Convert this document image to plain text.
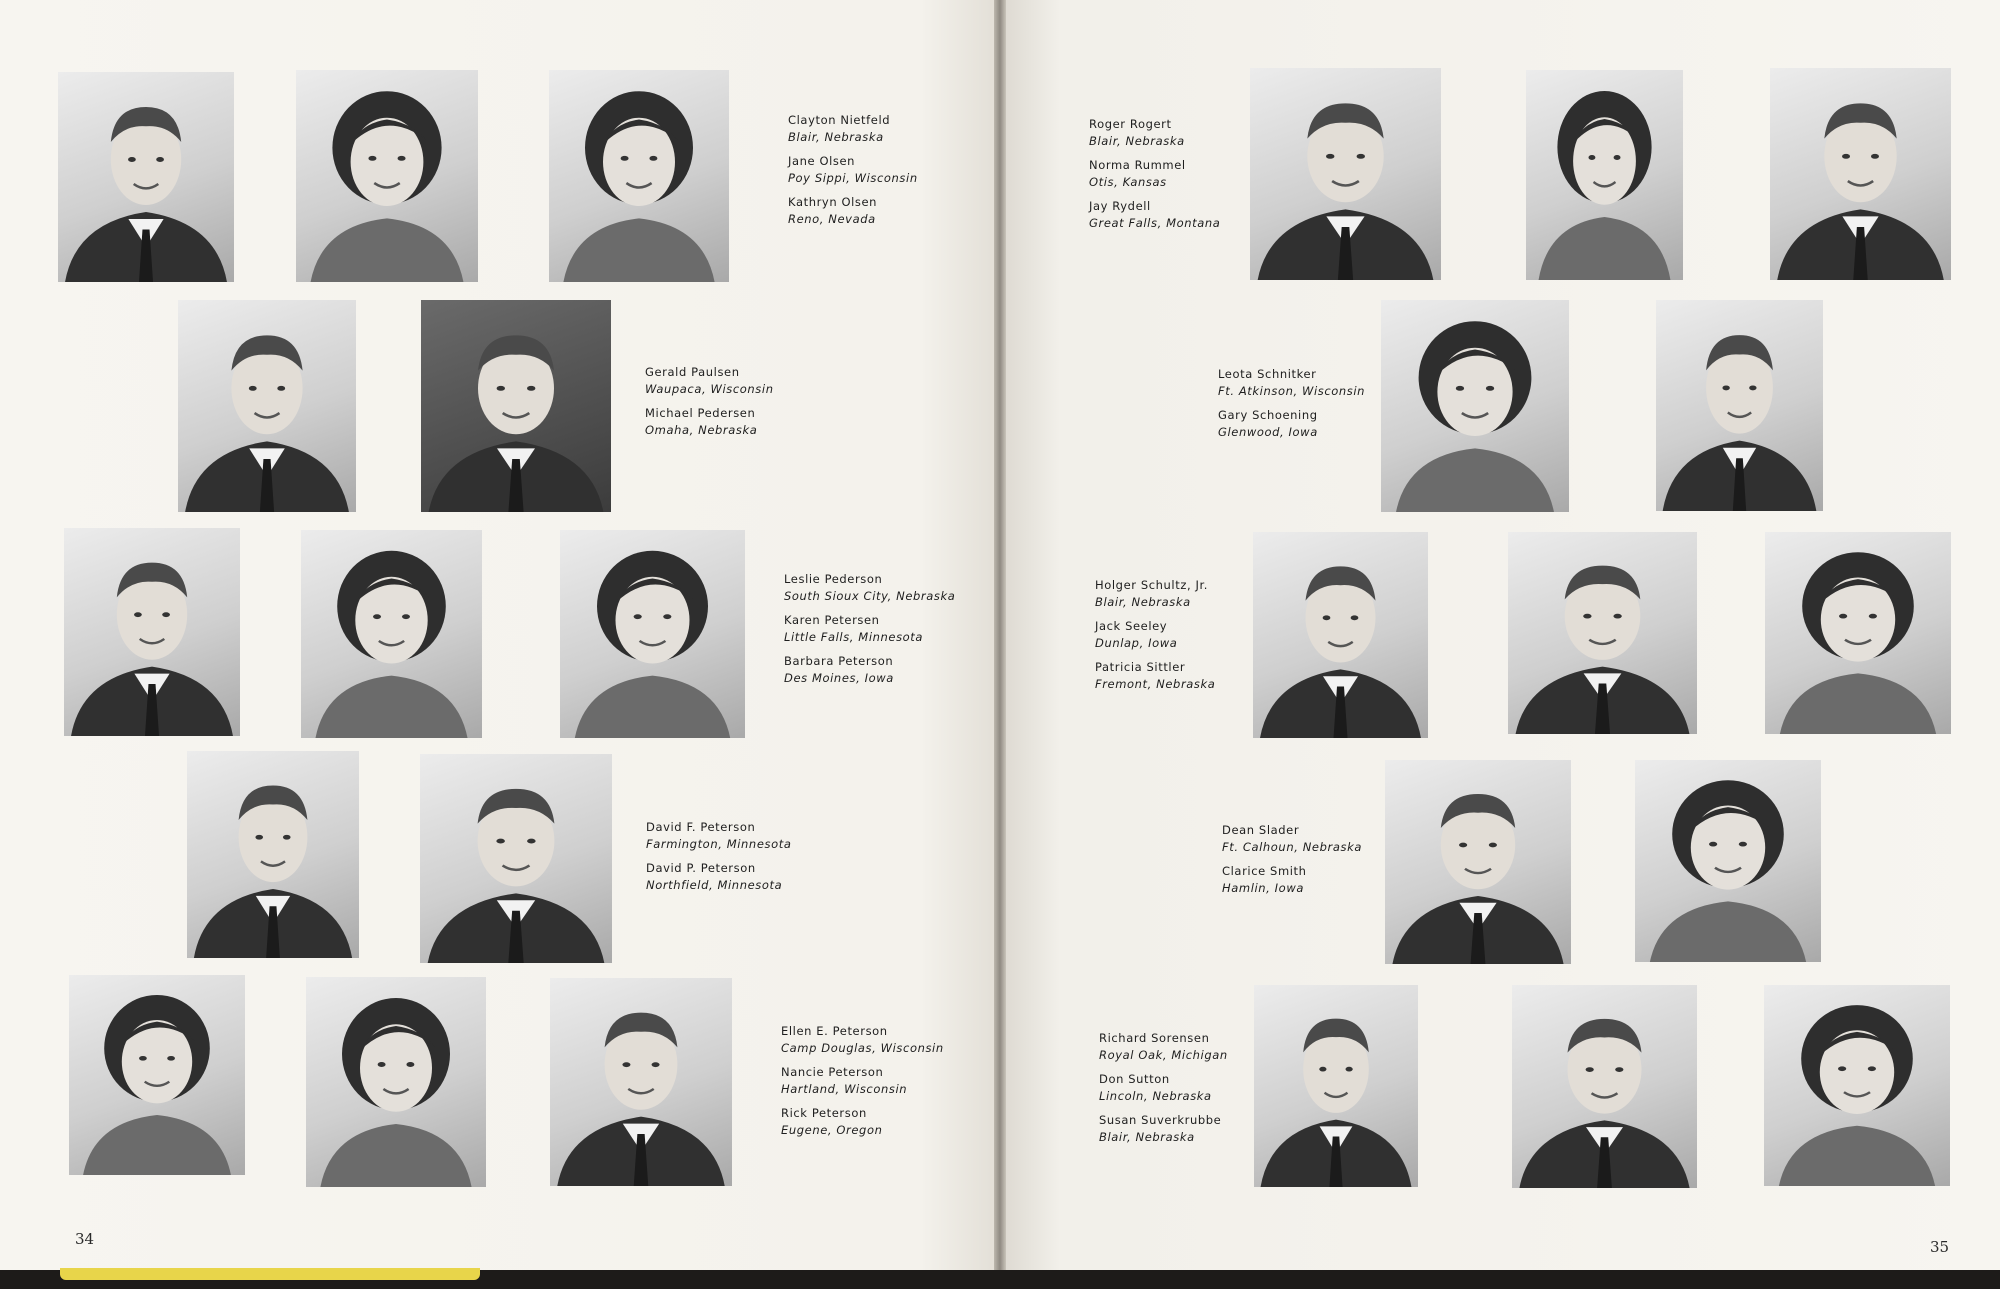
Clayton Nietfeld
Blair, Nebraska
Jane Olsen
Poy Sippi, Wisconsin
Kathryn Olsen
Reno, Nevada
Gerald Paulsen
Waupaca, Wisconsin
Michael Pedersen
Omaha, Nebraska
Leslie Pederson
South Sioux City, Nebraska
Karen Petersen
Little Falls, Minnesota
Barbara Peterson
Des Moines, Iowa
David F. Peterson
Farmington, Minnesota
David P. Peterson
Northfield, Minnesota
Ellen E. Peterson
Camp Douglas, Wisconsin
Nancie Peterson
Hartland, Wisconsin
Rick Peterson
Eugene, Oregon
Roger Rogert
Blair, Nebraska
Norma Rummel
Otis, Kansas
Jay Rydell
Great Falls, Montana
Leota Schnitker
Ft. Atkinson, Wisconsin
Gary Schoening
Glenwood, Iowa
Holger Schultz, Jr.
Blair, Nebraska
Jack Seeley
Dunlap, Iowa
Patricia Sittler
Fremont, Nebraska
Dean Slader
Ft. Calhoun, Nebraska
Clarice Smith
Hamlin, Iowa
Richard Sorensen
Royal Oak, Michigan
Don Sutton
Lincoln, Nebraska
Susan Suverkrubbe
Blair, Nebraska
34	35
